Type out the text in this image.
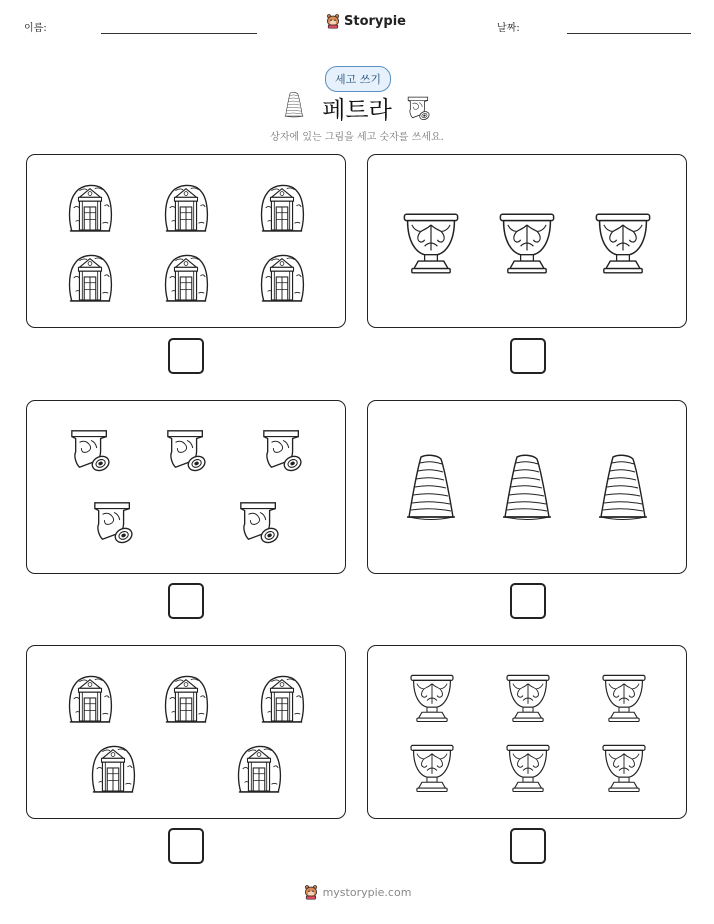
이름:	Storypie	날짜:
세고 쓰기
페트라
상자에 있는 그림을 세고 숫자를 쓰세요.
mystorypie.com
